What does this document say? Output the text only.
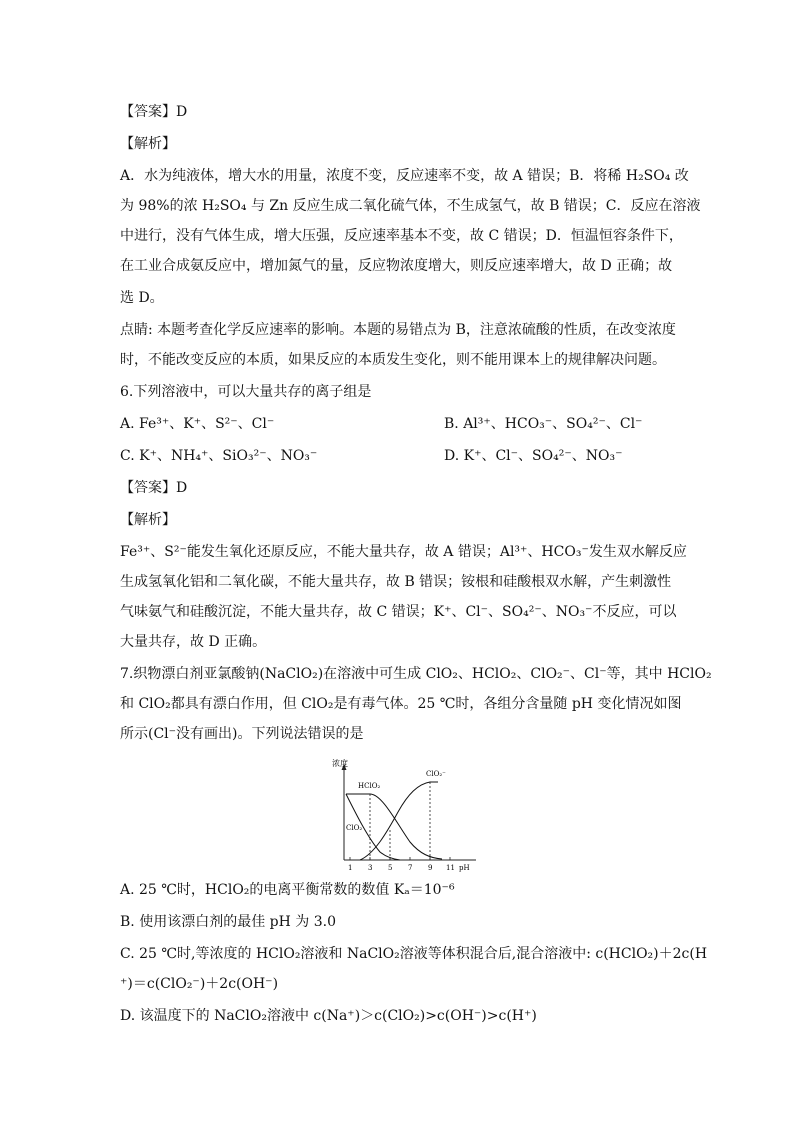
【答案】D
【解析】
A．水为纯液体，增大水的用量，浓度不变，反应速率不变，故 A 错误；B．将稀 H₂SO₄ 改
为 98%的浓 H₂SO₄ 与 Zn 反应生成二氧化硫气体，不生成氢气，故 B 错误；C．反应在溶液
中进行，没有气体生成，增大压强，反应速率基本不变，故 C 错误；D．恒温恒容条件下，
在工业合成氨反应中，增加氮气的量，反应物浓度增大，则反应速率增大，故 D 正确；故
选 D。
点睛: 本题考查化学反应速率的影响。本题的易错点为 B，注意浓硫酸的性质，在改变浓度
时，不能改变反应的本质，如果反应的本质发生变化，则不能用课本上的规律解决问题。
6.下列溶液中，可以大量共存的离子组是
A. Fe³⁺、K⁺、S²⁻、Cl⁻	B. Al³⁺、HCO₃⁻、SO₄²⁻、Cl⁻
C. K⁺、NH₄⁺、SiO₃²⁻、NO₃⁻	D. K⁺、Cl⁻、SO₄²⁻、NO₃⁻
【答案】D
【解析】
Fe³⁺、S²⁻能发生氧化还原反应，不能大量共存，故 A 错误；Al³⁺、HCO₃⁻发生双水解反应
生成氢氧化铝和二氧化碳，不能大量共存，故 B 错误；铵根和硅酸根双水解，产生刺激性
气味氨气和硅酸沉淀，不能大量共存，故 C 错误；K⁺、Cl⁻、SO₄²⁻、NO₃⁻不反应，可以
大量共存，故 D 正确。
7.织物漂白剂亚氯酸钠(NaClO₂)在溶液中可生成 ClO₂、HClO₂、ClO₂⁻、Cl⁻等，其中 HClO₂
和 ClO₂都具有漂白作用，但 ClO₂是有毒气体。25 ℃时，各组分含量随 pH 变化情况如图
所示(Cl⁻没有画出)。下列说法错误的是
浓度
1 3 5 7 9 11 pH
HClO₂
ClO₂
ClO₂⁻
A. 25 ℃时，HClO₂的电离平衡常数的数值 Kₐ＝10⁻⁶
B. 使用该漂白剂的最佳 pH 为 3.0
C. 25 ℃时,等浓度的 HClO₂溶液和 NaClO₂溶液等体积混合后,混合溶液中: c(HClO₂)＋2c(H
⁺)＝c(ClO₂⁻)＋2c(OH⁻)
D. 该温度下的 NaClO₂溶液中 c(Na⁺)＞c(ClO₂)>c(OH⁻)>c(H⁺)
